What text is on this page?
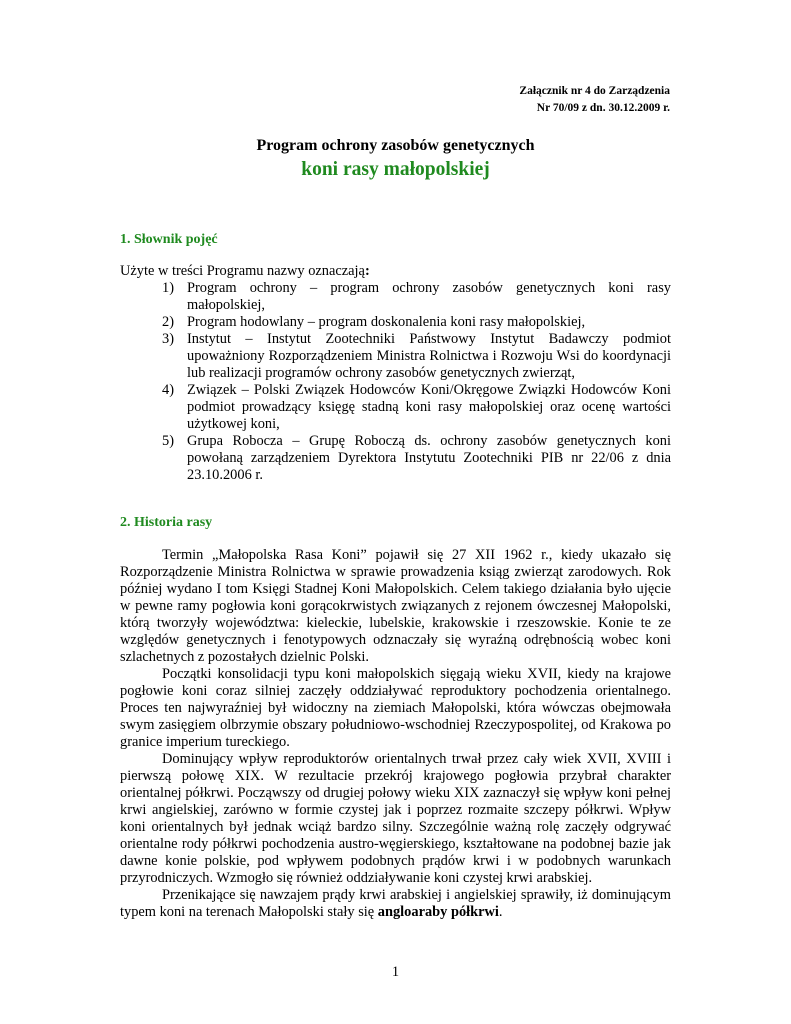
Załącznik nr 4 do Zarządzenia
Nr 70/09 z dn. 30.12.2009 r.
Program ochrony zasobów genetycznych
koni rasy małopolskiej
1. Słownik pojęć

Użyte w treści Programu nazwy oznaczają:

1) Program ochrony – program ochrony zasobów genetycznych koni rasy małopolskiej,
2) Program hodowlany – program doskonalenia koni rasy małopolskiej,
3) Instytut – Instytut Zootechniki Państwowy Instytut Badawczy podmiot upoważniony Rozporządzeniem Ministra Rolnictwa i Rozwoju Wsi do koordynacji lub realizacji programów ochrony zasobów genetycznych zwierząt,
4) Związek – Polski Związek Hodowców Koni/Okręgowe Związki Hodowców Koni podmiot prowadzący księgę stadną koni rasy małopolskiej oraz ocenę wartości użytkowej koni,
5) Grupa Robocza – Grupę Roboczą ds. ochrony zasobów genetycznych koni powołaną zarządzeniem Dyrektora Instytutu Zootechniki PIB nr 22/06 z dnia 23.10.2006 r.
2. Historia rasy

Termin „Małopolska Rasa Koni” pojawił się 27 XII 1962 r., kiedy ukazało się Rozporządzenie Ministra Rolnictwa w sprawie prowadzenia ksiąg zwierząt zarodowych. Rok później wydano I tom Księgi Stadnej Koni Małopolskich. Celem takiego działania było ujęcie w pewne ramy pogłowia koni gorącokrwistych związanych z rejonem ówczesnej Małopolski, którą tworzyły województwa: kieleckie, lubelskie, krakowskie i rzeszowskie. Konie te ze względów genetycznych i fenotypowych odznaczały się wyraźną odrębnością wobec koni szlachetnych z pozostałych dzielnic Polski.

Początki konsolidacji typu koni małopolskich sięgają wieku XVII, kiedy na krajowe pogłowie koni coraz silniej zaczęły oddziaływać reproduktory pochodzenia orientalnego. Proces ten najwyraźniej był widoczny na ziemiach Małopolski, która wówczas obejmowała swym zasięgiem olbrzymie obszary południowo-wschodniej Rzeczypospolitej, od Krakowa po granice imperium tureckiego.

Dominujący wpływ reproduktorów orientalnych trwał przez cały wiek XVII, XVIII i pierwszą połowę XIX. W rezultacie przekrój krajowego pogłowia przybrał charakter orientalnej półkrwi. Począwszy od drugiej połowy wieku XIX zaznaczył się wpływ koni pełnej krwi angielskiej, zarówno w formie czystej jak i poprzez rozmaite szczepy półkrwi. Wpływ koni orientalnych był jednak wciąż bardzo silny. Szczególnie ważną rolę zaczęły odgrywać orientalne rody półkrwi pochodzenia austro-węgierskiego, kształtowane na podobnej bazie jak dawne konie polskie, pod wpływem podobnych prądów krwi i w podobnych warunkach przyrodniczych. Wzmogło się również oddziaływanie koni czystej krwi arabskiej.

Przenikające się nawzajem prądy krwi arabskiej i angielskiej sprawiły, iż dominującym typem koni na terenach Małopolski stały się angloaraby półkrwi.

1
